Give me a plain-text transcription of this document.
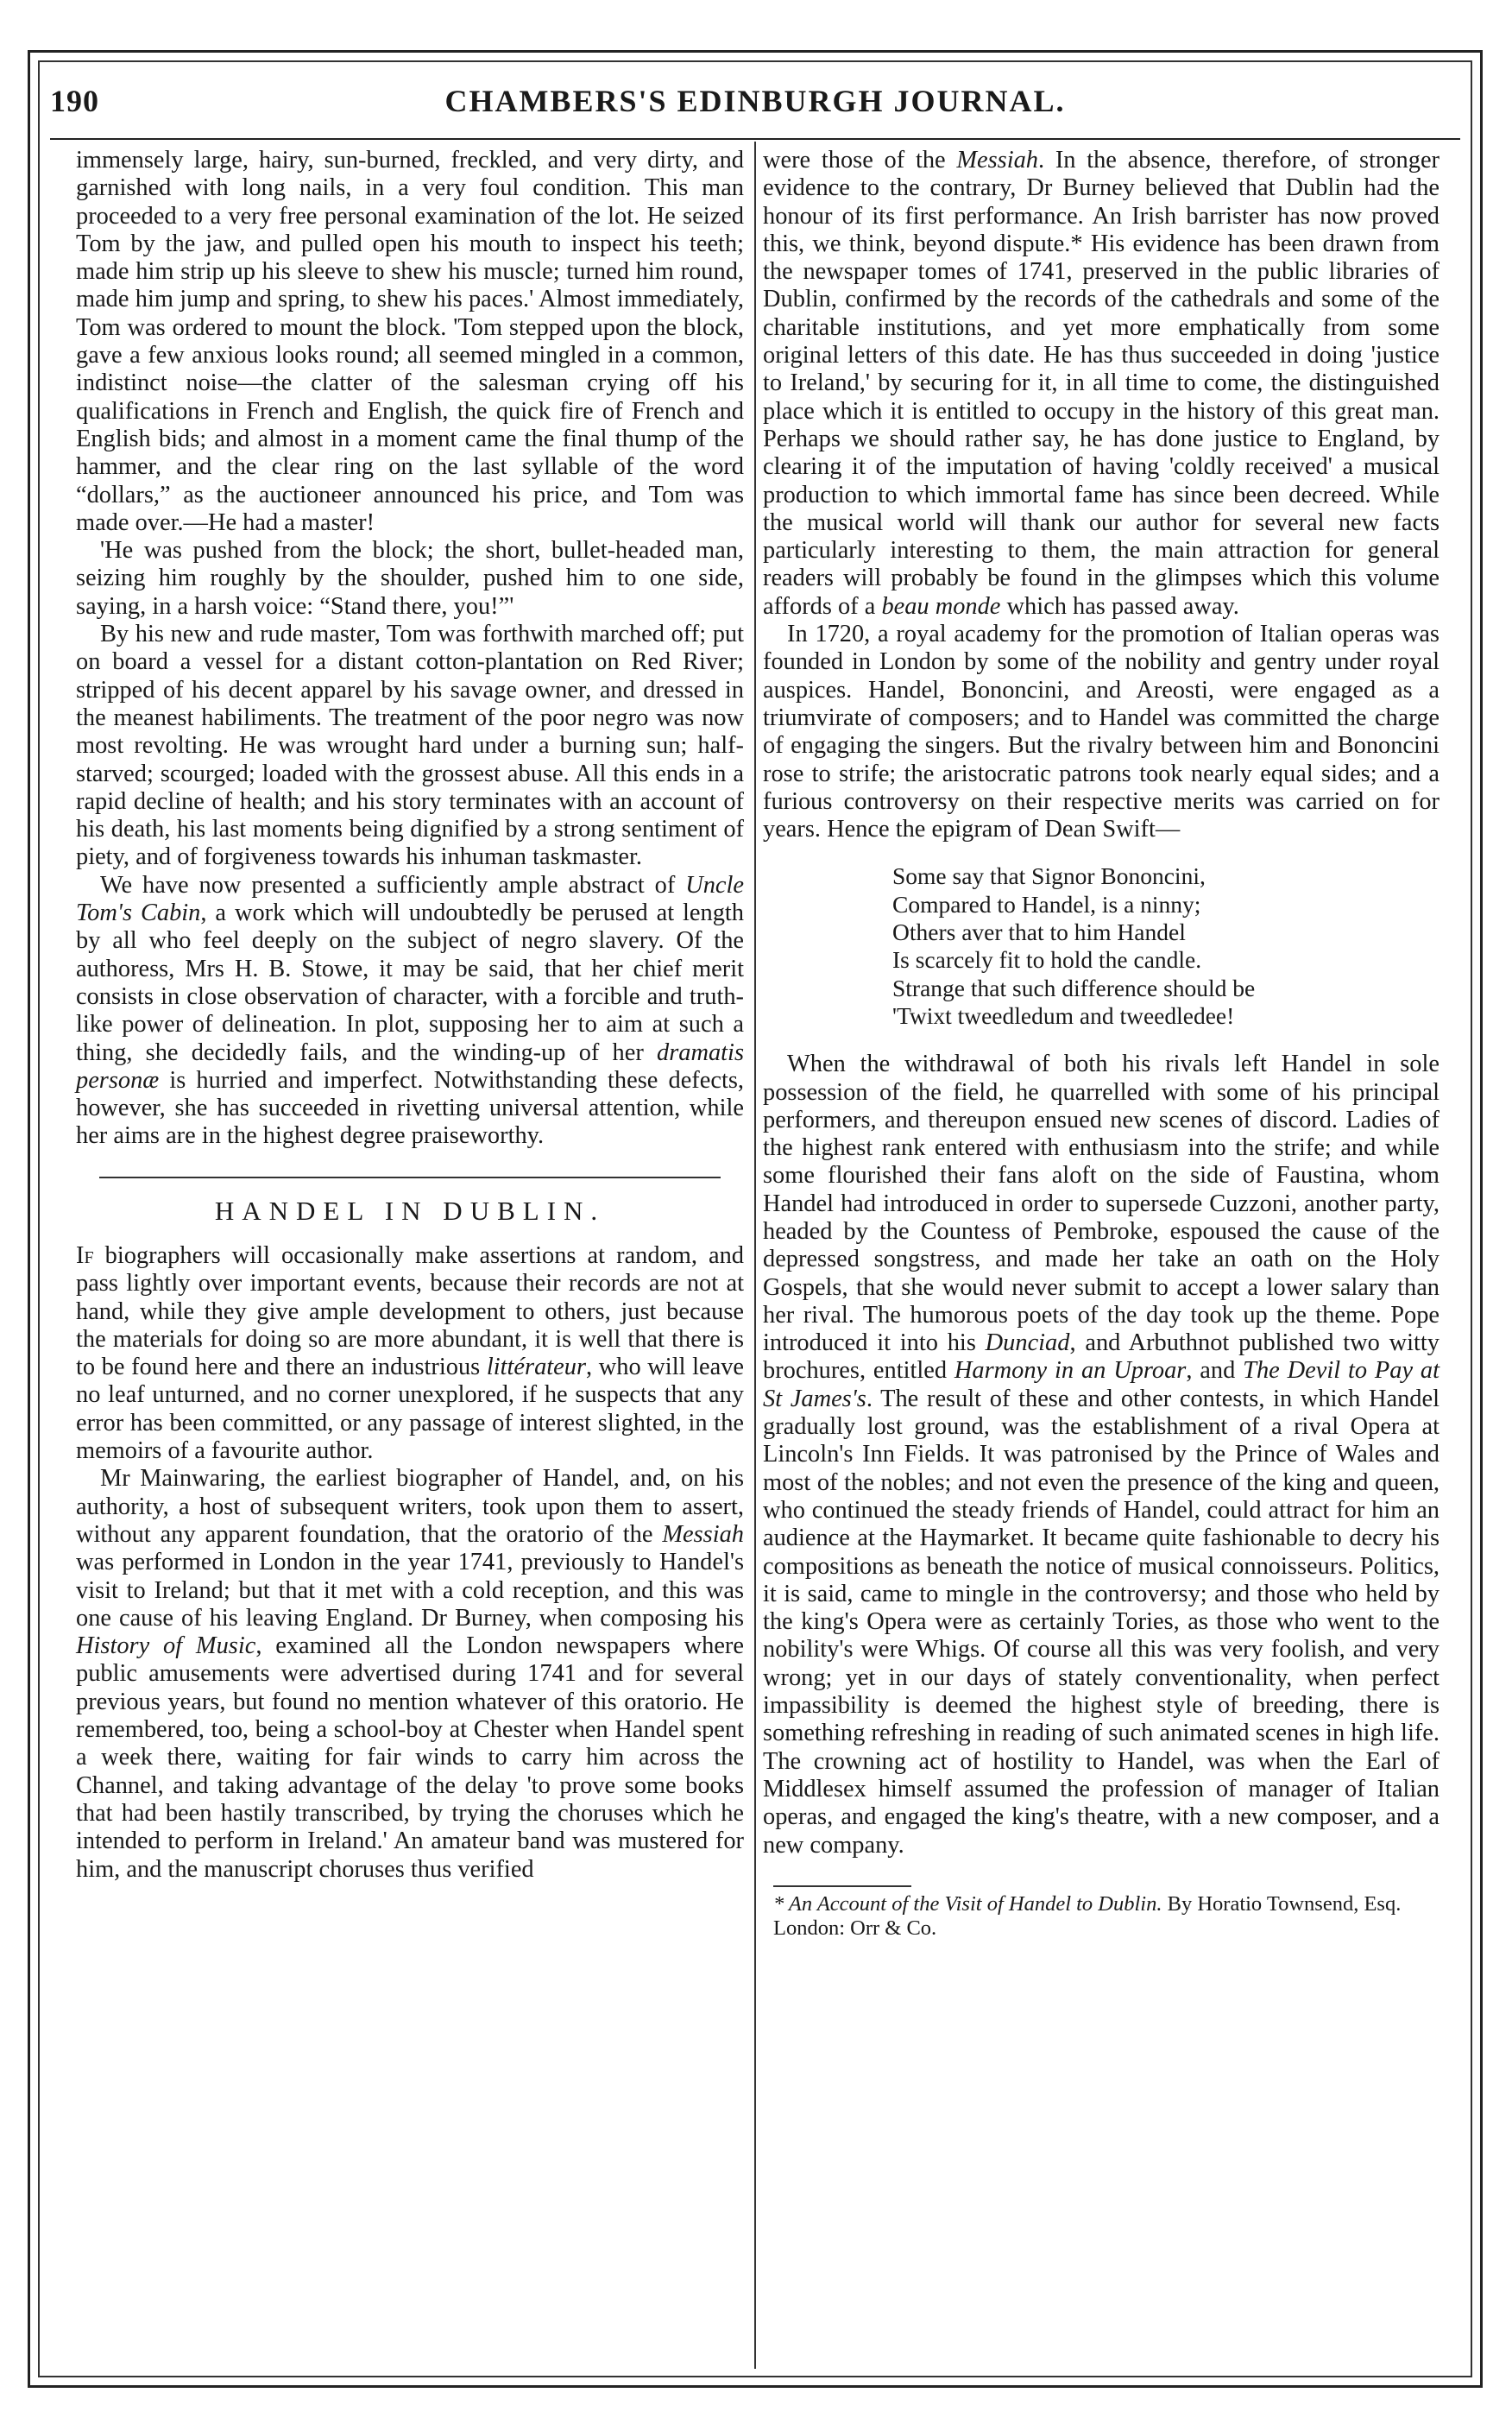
CHAMBERS'S EDINBURGH JOURNAL.
190

immensely large, hairy, sun-burned, freckled, and very dirty, and garnished with long nails, in a very foul condition. This man proceeded to a very free personal examination of the lot. He seized Tom by the jaw, and pulled open his mouth to inspect his teeth; made him strip up his sleeve to shew his muscle; turned him round, made him jump and spring, to shew his paces.' Almost immediately, Tom was ordered to mount the block. 'Tom stepped upon the block, gave a few anxious looks round; all seemed mingled in a common, indistinct noise—the clatter of the salesman crying off his qualifications in French and English, the quick fire of French and English bids; and almost in a moment came the final thump of the hammer, and the clear ring on the last syllable of the word “dollars,” as the auctioneer announced his price, and Tom was made over.—He had a master!

'He was pushed from the block; the short, bullet-headed man, seizing him roughly by the shoulder, pushed him to one side, saying, in a harsh voice: “Stand there, you!”'

By his new and rude master, Tom was forthwith marched off; put on board a vessel for a distant cotton-plantation on Red River; stripped of his decent apparel by his savage owner, and dressed in the meanest habiliments. The treatment of the poor negro was now most revolting. He was wrought hard under a burning sun; half-starved; scourged; loaded with the grossest abuse. All this ends in a rapid decline of health; and his story terminates with an account of his death, his last moments being dignified by a strong sentiment of piety, and of forgiveness towards his inhuman taskmaster.

We have now presented a sufficiently ample abstract of Uncle Tom's Cabin, a work which will undoubtedly be perused at length by all who feel deeply on the subject of negro slavery. Of the authoress, Mrs H. B. Stowe, it may be said, that her chief merit consists in close observation of character, with a forcible and truth-like power of delineation. In plot, supposing her to aim at such a thing, she decidedly fails, and the winding-up of her dramatis personæ is hurried and imperfect. Notwithstanding these defects, however, she has succeeded in rivetting universal attention, while her aims are in the highest degree praiseworthy.

HANDEL IN DUBLIN.

If biographers will occasionally make assertions at random, and pass lightly over important events, because their records are not at hand, while they give ample development to others, just because the materials for doing so are more abundant, it is well that there is to be found here and there an industrious littérateur, who will leave no leaf unturned, and no corner unexplored, if he suspects that any error has been committed, or any passage of interest slighted, in the memoirs of a favourite author.

Mr Mainwaring, the earliest biographer of Handel, and, on his authority, a host of subsequent writers, took upon them to assert, without any apparent foundation, that the oratorio of the Messiah was performed in London in the year 1741, previously to Handel's visit to Ireland; but that it met with a cold reception, and this was one cause of his leaving England. Dr Burney, when composing his History of Music, examined all the London newspapers where public amusements were advertised during 1741 and for several previous years, but found no mention whatever of this oratorio. He remembered, too, being a school-boy at Chester when Handel spent a week there, waiting for fair winds to carry him across the Channel, and taking advantage of the delay 'to prove some books that had been hastily transcribed, by trying the choruses which he intended to perform in Ireland.' An amateur band was mustered for him, and the manuscript choruses thus verified

were those of the Messiah. In the absence, therefore, of stronger evidence to the contrary, Dr Burney believed that Dublin had the honour of its first performance. An Irish barrister has now proved this, we think, beyond dispute.* His evidence has been drawn from the newspaper tomes of 1741, preserved in the public libraries of Dublin, confirmed by the records of the cathedrals and some of the charitable institutions, and yet more emphatically from some original letters of this date. He has thus succeeded in doing 'justice to Ireland,' by securing for it, in all time to come, the distinguished place which it is entitled to occupy in the history of this great man. Perhaps we should rather say, he has done justice to England, by clearing it of the imputation of having 'coldly received' a musical production to which immortal fame has since been decreed. While the musical world will thank our author for several new facts particularly interesting to them, the main attraction for general readers will probably be found in the glimpses which this volume affords of a beau monde which has passed away.

In 1720, a royal academy for the promotion of Italian operas was founded in London by some of the nobility and gentry under royal auspices. Handel, Bononcini, and Areosti, were engaged as a triumvirate of composers; and to Handel was committed the charge of engaging the singers. But the rivalry between him and Bononcini rose to strife; the aristocratic patrons took nearly equal sides; and a furious controversy on their respective merits was carried on for years. Hence the epigram of Dean Swift—

Some say that Signor Bononcini,
Compared to Handel, is a ninny;
Others aver that to him Handel
Is scarcely fit to hold the candle.
Strange that such difference should be
'Twixt tweedledum and tweedledee!

When the withdrawal of both his rivals left Handel in sole possession of the field, he quarrelled with some of his principal performers, and thereupon ensued new scenes of discord. Ladies of the highest rank entered with enthusiasm into the strife; and while some flourished their fans aloft on the side of Faustina, whom Handel had introduced in order to supersede Cuzzoni, another party, headed by the Countess of Pembroke, espoused the cause of the depressed songstress, and made her take an oath on the Holy Gospels, that she would never submit to accept a lower salary than her rival. The humorous poets of the day took up the theme. Pope introduced it into his Dunciad, and Arbuthnot published two witty brochures, entitled Harmony in an Uproar, and The Devil to Pay at St James's. The result of these and other contests, in which Handel gradually lost ground, was the establishment of a rival Opera at Lincoln's Inn Fields. It was patronised by the Prince of Wales and most of the nobles; and not even the presence of the king and queen, who continued the steady friends of Handel, could attract for him an audience at the Haymarket. It became quite fashionable to decry his compositions as beneath the notice of musical connoisseurs. Politics, it is said, came to mingle in the controversy; and those who held by the king's Opera were as certainly Tories, as those who went to the nobility's were Whigs. Of course all this was very foolish, and very wrong; yet in our days of stately conventionality, when perfect impassibility is deemed the highest style of breeding, there is something refreshing in reading of such animated scenes in high life. The crowning act of hostility to Handel, was when the Earl of Middlesex himself assumed the profession of manager of Italian operas, and engaged the king's theatre, with a new composer, and a new company.

* An Account of the Visit of Handel to Dublin. By Horatio Townsend, Esq. London: Orr & Co.
